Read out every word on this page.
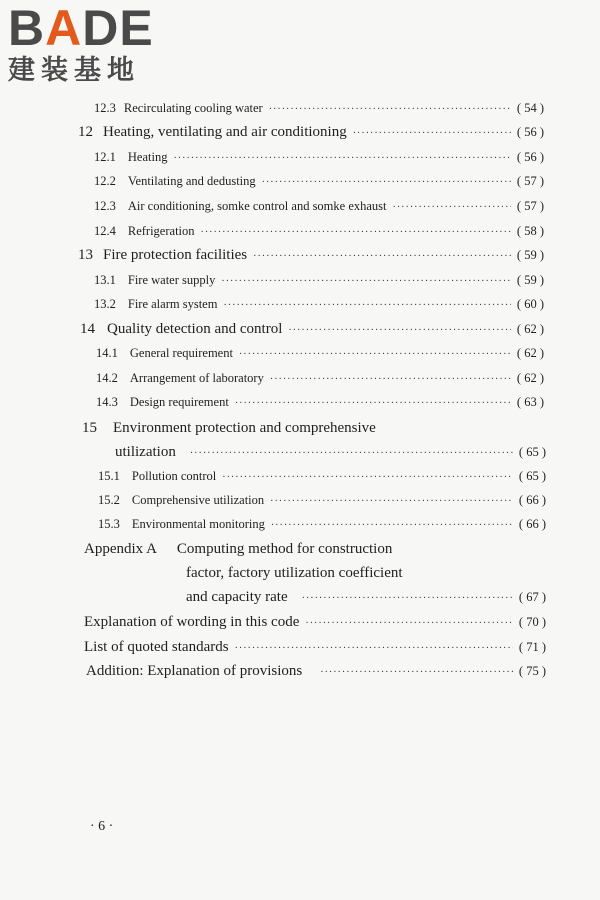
BADE
建装基地
12.3 Recirculating cooling water ·····	( 54 )
12 Heating, ventilating and air conditioning ·····	( 56 )
12.1 Heating ·····	( 56 )
12.2 Ventilating and dedusting ·····	( 57 )
12.3 Air conditioning, somke control and somke exhaust ·····	( 57 )
12.4 Refrigeration ·····	( 58 )
13 Fire protection facilities ·····	( 59 )
13.1 Fire water supply ·····	( 59 )
13.2 Fire alarm system ·····	( 60 )
14 Quality detection and control ·····	( 62 )
14.1 General requirement ·····	( 62 )
14.2 Arrangement of laboratory ·····	( 62 )
14.3 Design requirement ·····	( 63 )
15 Environment protection and comprehensive
utilization ·····	( 65 )
15.1 Pollution control ·····	( 65 )
15.2 Comprehensive utilization ·····	( 66 )
15.3 Environmental monitoring ·····	( 66 )
Appendix A Computing method for construction
factor, factory utilization coefficient
and capacity rate ·····	( 67 )
Explanation of wording in this code ·····	( 70 )
List of quoted standards ·····	( 71 )
Addition: Explanation of provisions ·····	( 75 )
· 6 ·
